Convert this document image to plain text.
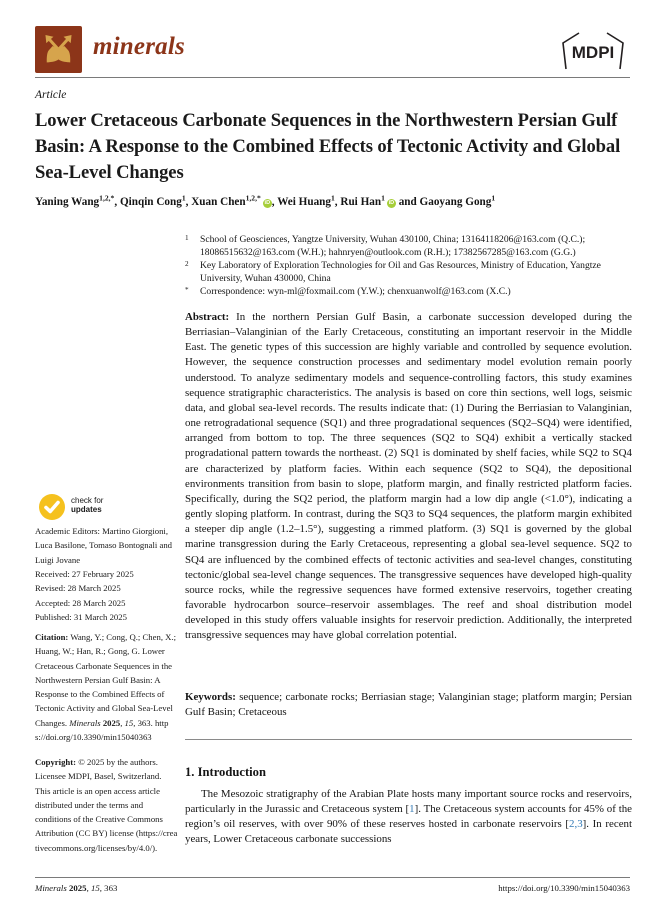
minerals	MDPI
Article
Lower Cretaceous Carbonate Sequences in the Northwestern Persian Gulf Basin: A Response to the Combined Effects of Tectonic Activity and Global Sea-Level Changes
Yaning Wang$^{1,2,*}$, Qinqin Cong$^1$, Xuan Chen$^{1,2,*}$iD , Wei Huang$^1$, Rui Han$^1$iD and Gaoyang Gong$^1$
1 School of Geosciences, Yangtze University, Wuhan 430100, China; 13164118206@163.com (Q.C.); 18086515632@163.com (W.H.); hahnryen@outlook.com (R.H.); 17382567285@163.com (G.G.)
2 Key Laboratory of Exploration Technologies for Oil and Gas Resources, Ministry of Education, Yangtze University, Wuhan 430000, China
* Correspondence: wyn-ml@foxmail.com (Y.W.); chenxuanwolf@163.com (X.C.)
Abstract: In the northern Persian Gulf Basin, a carbonate succession developed during the Berriasian–Valanginian of the Early Cretaceous, constituting an important reservoir in the Middle East. The genetic types of this succession are highly variable and controlled by sequence evolution. However, the sequence construction processes and sedimentary model evolution remain poorly understood. To analyze sedimentary models and sequence-controlling factors, this study examines sequence stratigraphic characteristics. The analysis is based on core thin sections, well logs, seismic data, and global sea-level records. The results indicate that: (1) During the Berriasian to Valanginian, one retrogradational sequence (SQ1) and three progradational sequences (SQ2–SQ4) were identified, arranged from bottom to top. The three sequences (SQ2 to SQ4) exhibit a vertically stacked progradational pattern towards the northeast. (2) SQ1 is dominated by shelf facies, while SQ2 to SQ4 are characterized by platform facies. Within each sequence (SQ2 to SQ4), the depositional environments transition from basin to slope, platform margin, and finally restricted platform facies. Specifically, during the SQ2 period, the platform margin had a low dip angle (<1.0°), indicating a gently sloping platform. In contrast, during the SQ3 to SQ4 sequences, the platform margin exhibited a steeper dip angle (1.2–1.5°), suggesting a rimmed platform. (3) SQ1 is governed by the global marine transgression during the Early Cretaceous, representing a global sea-level sequence. SQ2 to SQ4 are influenced by the combined effects of tectonic activities and sea-level changes, constituting tectonic/global sea-level change sequences. The transgressive sequences have developed high-quality source rocks, while the regressive sequences have formed extensive reservoirs, together creating favorable hydrocarbon source–reservoir assemblages. The reef and shoal distribution model developed in this study offers valuable insights for reservoir prediction. Additionally, the interpreted transgressive sequences may have global correlation potential.
Keywords: sequence; carbonate rocks; Berriasian stage; Valanginian stage; platform margin; Persian Gulf Basin; Cretaceous
1. Introduction

The Mesozoic stratigraphy of the Arabian Plate hosts many important source rocks and reservoirs, particularly in the Jurassic and Cretaceous system [1]. The Cretaceous system accounts for 45% of the region’s oil reserves, with over 90% of these reserves hosted in carbonate reservoirs [2,3]. In recent years, Lower Cretaceous carbonate successions

check for
updates
Academic Editors: Martino Giorgioni, Luca Basilone, Tomaso Bontognali and Luigi Jovane
Received: 27 February 2025
Revised: 28 March 2025
Accepted: 28 March 2025
Published: 31 March 2025
Citation: Wang, Y.; Cong, Q.; Chen, X.; Huang, W.; Han, R.; Gong, G. Lower Cretaceous Carbonate Sequences in the Northwestern Persian Gulf Basin: A Response to the Combined Effects of Tectonic Activity and Global Sea-Level Changes. Minerals 2025, 15, 363. https://doi.org/10.3390/min15040363
Copyright: © 2025 by the authors. Licensee MDPI, Basel, Switzerland. This article is an open access article distributed under the terms and conditions of the Creative Commons Attribution (CC BY) license (https://creativecommons.org/licenses/by/4.0/).
Minerals 2025, 15, 363	https://doi.org/10.3390/min15040363
